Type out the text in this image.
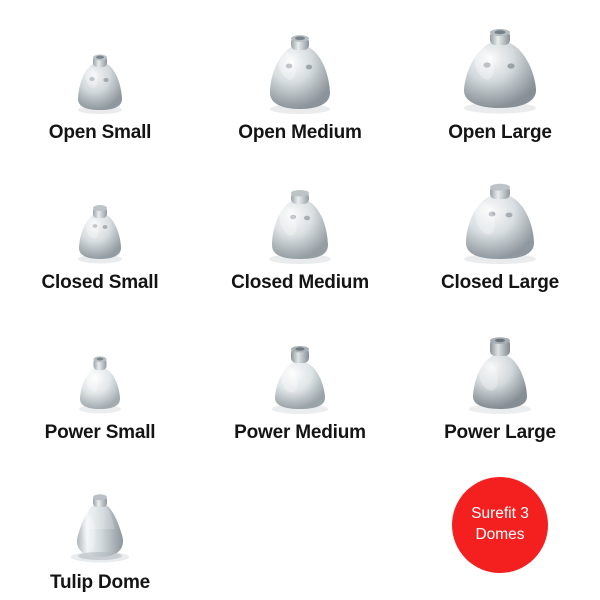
Open Small	Open Medium	Open Large
Closed Small	Closed Medium	Closed Large
Power Small	Power Medium	Power Large
Tulip Dome
Surefit 3
Domes
